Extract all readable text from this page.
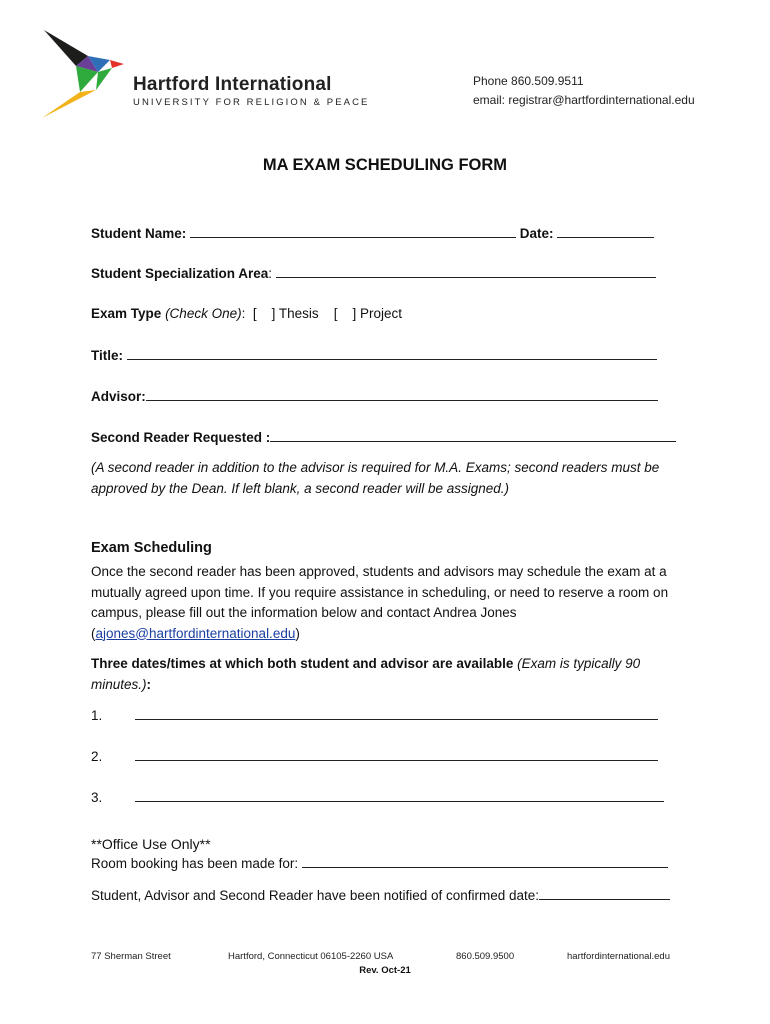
Hartford International
UNIVERSITY FOR RELIGION & PEACE
Phone 860.509.9511
email: registrar@hartfordinternational.edu
MA EXAM SCHEDULING FORM
Student Name:	Date:
Student Specialization Area:
Exam Type (Check One): [    ] Thesis [    ] Project
Title:
Advisor:
Second Reader Requested :
(A second reader in addition to the advisor is required for M.A. Exams; second readers must be approved by the Dean. If left blank, a second reader will be assigned.)
Exam Scheduling
Once the second reader has been approved, students and advisors may schedule the exam at a mutually agreed upon time. If you require assistance in scheduling, or need to reserve a room on campus, please fill out the information below and contact Andrea Jones (ajones@hartfordinternational.edu)
Three dates/times at which both student and advisor are available (Exam is typically 90 minutes.):
1.
2.
3.
**Office Use Only**
Room booking has been made for:
Student, Advisor and Second Reader have been notified of confirmed date:
77 Sherman Street	Hartford, Connecticut 06105-2260 USA	860.509.9500	hartfordinternational.edu
Rev. Oct-21
